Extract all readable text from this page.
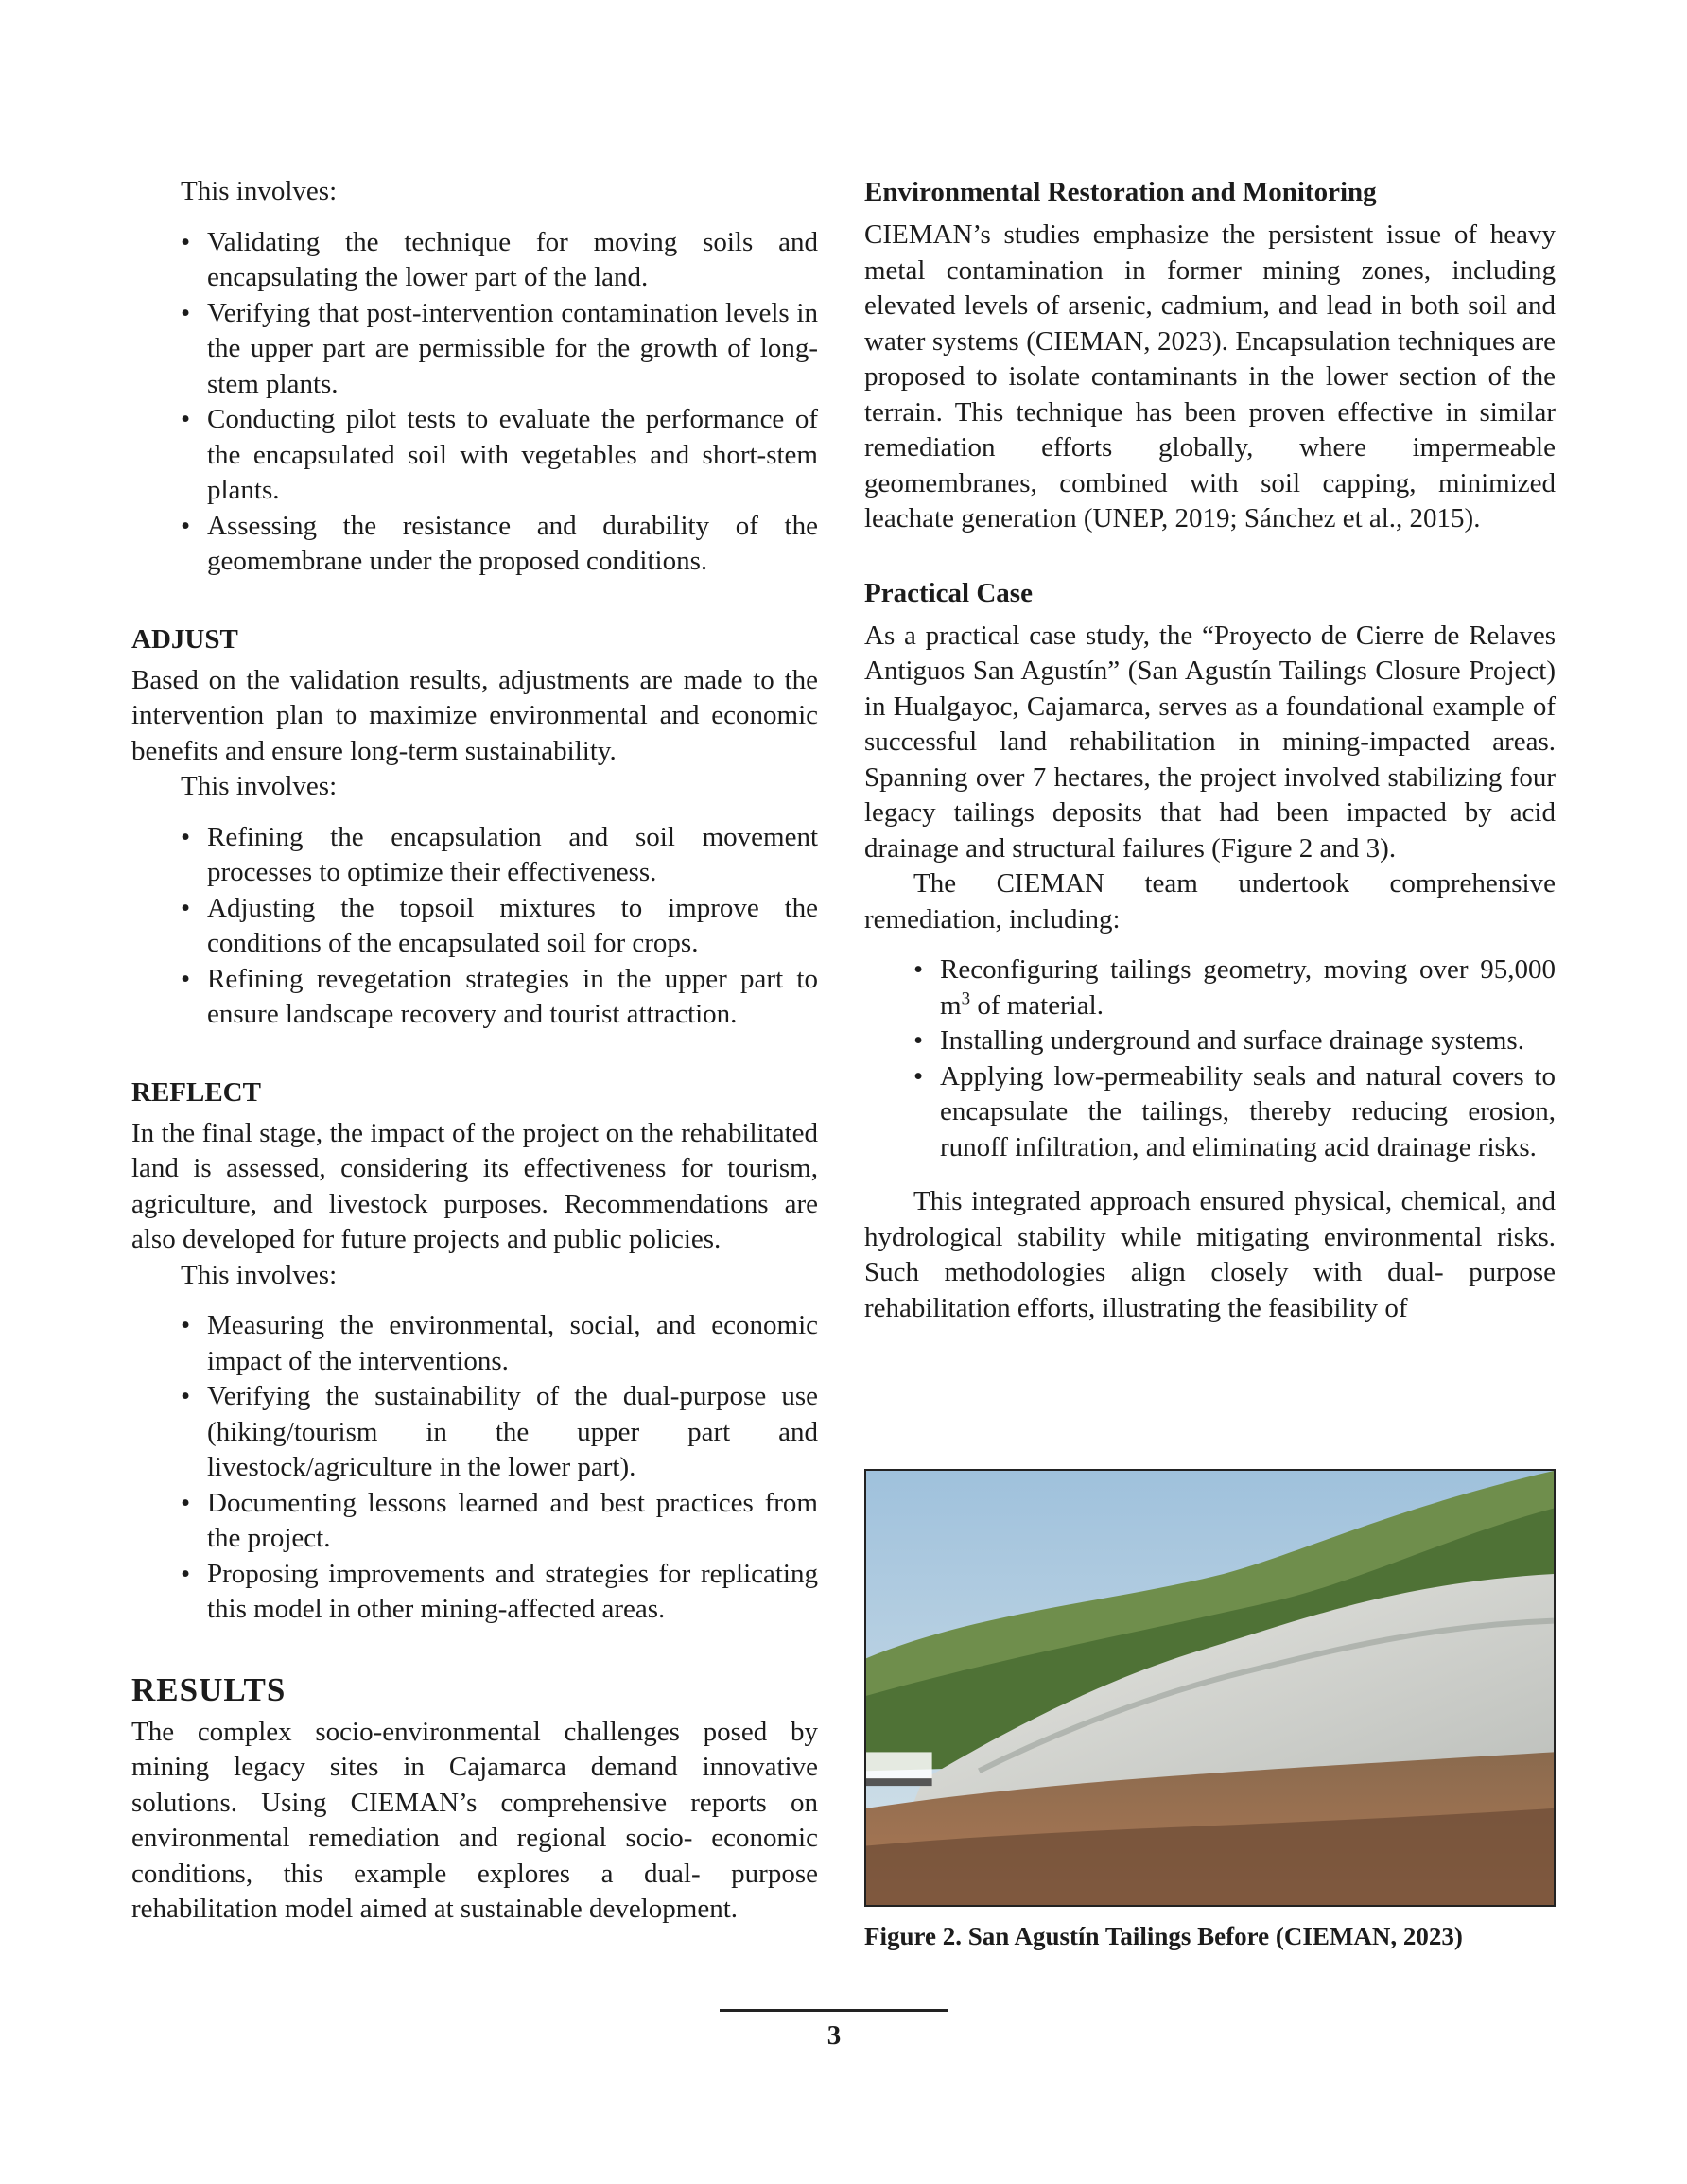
This involves:

• Validating the technique for moving soils and encapsulating the lower part of the land.
• Verifying that post-intervention contamination levels in the upper part are permissible for the growth of long-stem plants.
• Conducting pilot tests to evaluate the performance of the encapsulated soil with vegetables and short-stem plants.
• Assessing the resistance and durability of the geomembrane under the proposed conditions.
ADJUST

Based on the validation results, adjustments are made to the intervention plan to maximize environmental and economic benefits and ensure long-term sustainability.

This involves:

• Refining the encapsulation and soil movement processes to optimize their effectiveness.
• Adjusting the topsoil mixtures to improve the conditions of the encapsulated soil for crops.
• Refining revegetation strategies in the upper part to ensure landscape recovery and tourist attraction.
REFLECT

In the final stage, the impact of the project on the rehabilitated land is assessed, considering its effectiveness for tourism, agriculture, and livestock purposes. Recommendations are also developed for future projects and public policies.

This involves:

• Measuring the environmental, social, and economic impact of the interventions.
• Verifying the sustainability of the dual-purpose use (hiking/tourism in the upper part and livestock/agriculture in the lower part).
• Documenting lessons learned and best practices from the project.
• Proposing improvements and strategies for replicating this model in other mining-affected areas.
RESULTS

The complex socio-environmental challenges posed by mining legacy sites in Cajamarca demand innovative solutions. Using CIEMAN’s comprehensive reports on environmental remediation and regional socio- economic conditions, this example explores a dual- purpose rehabilitation model aimed at sustainable development.

Environmental Restoration and Monitoring

CIEMAN’s studies emphasize the persistent issue of heavy metal contamination in former mining zones, including elevated levels of arsenic, cadmium, and lead in both soil and water systems (CIEMAN, 2023). Encapsulation techniques are proposed to isolate contaminants in the lower section of the terrain. This technique has been proven effective in similar remediation efforts globally, where impermeable geomembranes, combined with soil capping, minimized leachate generation (UNEP, 2019; Sánchez et al., 2015).

Practical Case

As a practical case study, the “Proyecto de Cierre de Relaves Antiguos San Agustín” (San Agustín Tailings Closure Project) in Hualgayoc, Cajamarca, serves as a foundational example of successful land rehabilitation in mining-impacted areas. Spanning over 7 hectares, the project involved stabilizing four legacy tailings deposits that had been impacted by acid drainage and structural failures (Figure 2 and 3).

The CIEMAN team undertook comprehensive remediation, including:

• Reconfiguring tailings geometry, moving over 95,000 $m^3$ of material.
• Installing underground and surface drainage systems.
• Applying low-permeability seals and natural covers to encapsulate the tailings, thereby reducing erosion, runoff infiltration, and eliminating acid drainage risks.

This integrated approach ensured physical, chemical, and hydrological stability while mitigating environmental risks. Such methodologies align closely with dual- purpose rehabilitation efforts, illustrating the feasibility of

Figure 2. San Agustín Tailings Before (CIEMAN, 2023)
3
